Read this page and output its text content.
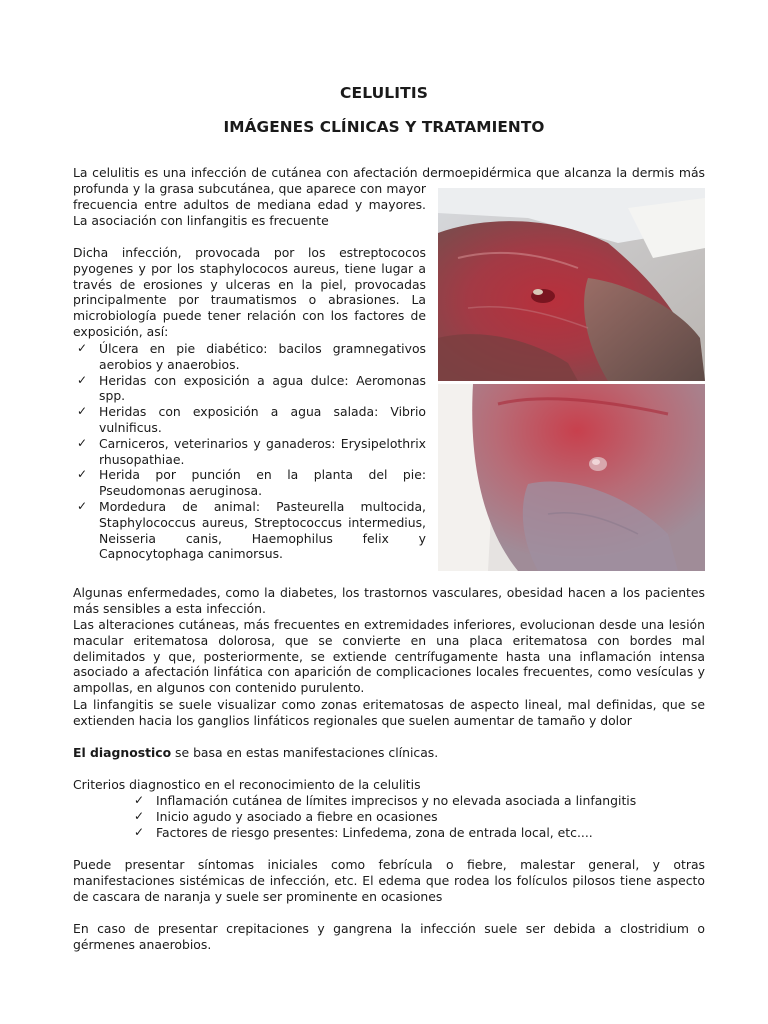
CELULITIS
IMÁGENES CLÍNICAS Y TRATAMIENTO
La celulitis es una infección de cutánea con afectación dermoepidérmica que alcanza la dermis más

profunda y la grasa subcutánea, que aparece con mayor frecuencia entre adultos de mediana edad y mayores. La asociación con linfangitis es frecuente

Dicha infección, provocada por los estreptococos pyogenes y por los staphylococos aureus, tiene lugar a través de erosiones y ulceras en la piel, provocadas principalmente por traumatismos o abrasiones. La microbiología puede tener relación con los factores de exposición, así:

✓ Úlcera en pie diabético: bacilos gramnegativos aerobios y anaerobios.
✓ Heridas con exposición a agua dulce: Aeromonas spp.
✓ Heridas con exposición a agua salada: Vibrio vulnificus.
✓ Carniceros, veterinarios y ganaderos: Erysipelothrix rhusopathiae.
✓ Herida por punción en la planta del pie: Pseudomonas aeruginosa.
✓ Mordedura de animal: Pasteurella multocida, Staphylococcus aureus, Streptococcus intermedius, Neisseria canis, Haemophilus felix y Capnocytophaga canimorsus.

Algunas enfermedades, como la diabetes, los trastornos vasculares, obesidad hacen a los pacientes más sensibles a esta infección.

Las alteraciones cutáneas, más frecuentes en extremidades inferiores, evolucionan desde una lesión macular eritematosa dolorosa, que se convierte en una placa eritematosa con bordes mal delimitados y que, posteriormente, se extiende centrífugamente hasta una inflamación intensa asociado a afectación linfática con aparición de complicaciones locales frecuentes, como vesículas y ampollas, en algunos con contenido purulento.

La linfangitis se suele visualizar como zonas eritematosas de aspecto lineal, mal definidas, que se extienden hacia los ganglios linfáticos regionales que suelen aumentar de tamaño y dolor

El diagnostico se basa en estas manifestaciones clínicas.

Criterios diagnostico en el reconocimiento de la celulitis

✓ Inflamación cutánea de límites imprecisos y no elevada asociada a linfangitis
✓ Inicio agudo y asociado a fiebre en ocasiones
✓ Factores de riesgo presentes: Linfedema, zona de entrada local, etc....

Puede presentar síntomas iniciales como febrícula o fiebre, malestar general, y otras manifestaciones sistémicas de infección, etc. El edema que rodea los folículos pilosos tiene aspecto de cascara de naranja y suele ser prominente en ocasiones

En caso de presentar crepitaciones y gangrena la infección suele ser debida a clostridium o gérmenes anaerobios.
